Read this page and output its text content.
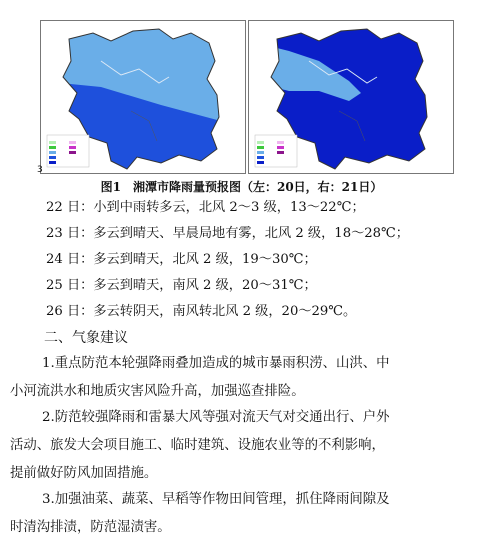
3
图1　湘潭市降雨量预报图（左：20日，右：21日）
22 日：小到中雨转多云，北风 2～3 级，13～22℃；
23 日：多云到晴天、早晨局地有雾，北风 2 级，18～28℃；
24 日：多云到晴天，北风 2 级，19～30℃；
25 日：多云到晴天，南风 2 级，20～31℃；
26 日：多云转阴天，南风转北风 2 级，20～29℃。
二、气象建议
1.重点防范本轮强降雨叠加造成的城市暴雨积涝、山洪、中
小河流洪水和地质灾害风险升高，加强巡查排险。
2.防范较强降雨和雷暴大风等强对流天气对交通出行、户外
活动、旅发大会项目施工、临时建筑、设施农业等的不利影响，
提前做好防风加固措施。
3.加强油菜、蔬菜、早稻等作物田间管理，抓住降雨间隙及
时清沟排渍，防范湿渍害。
